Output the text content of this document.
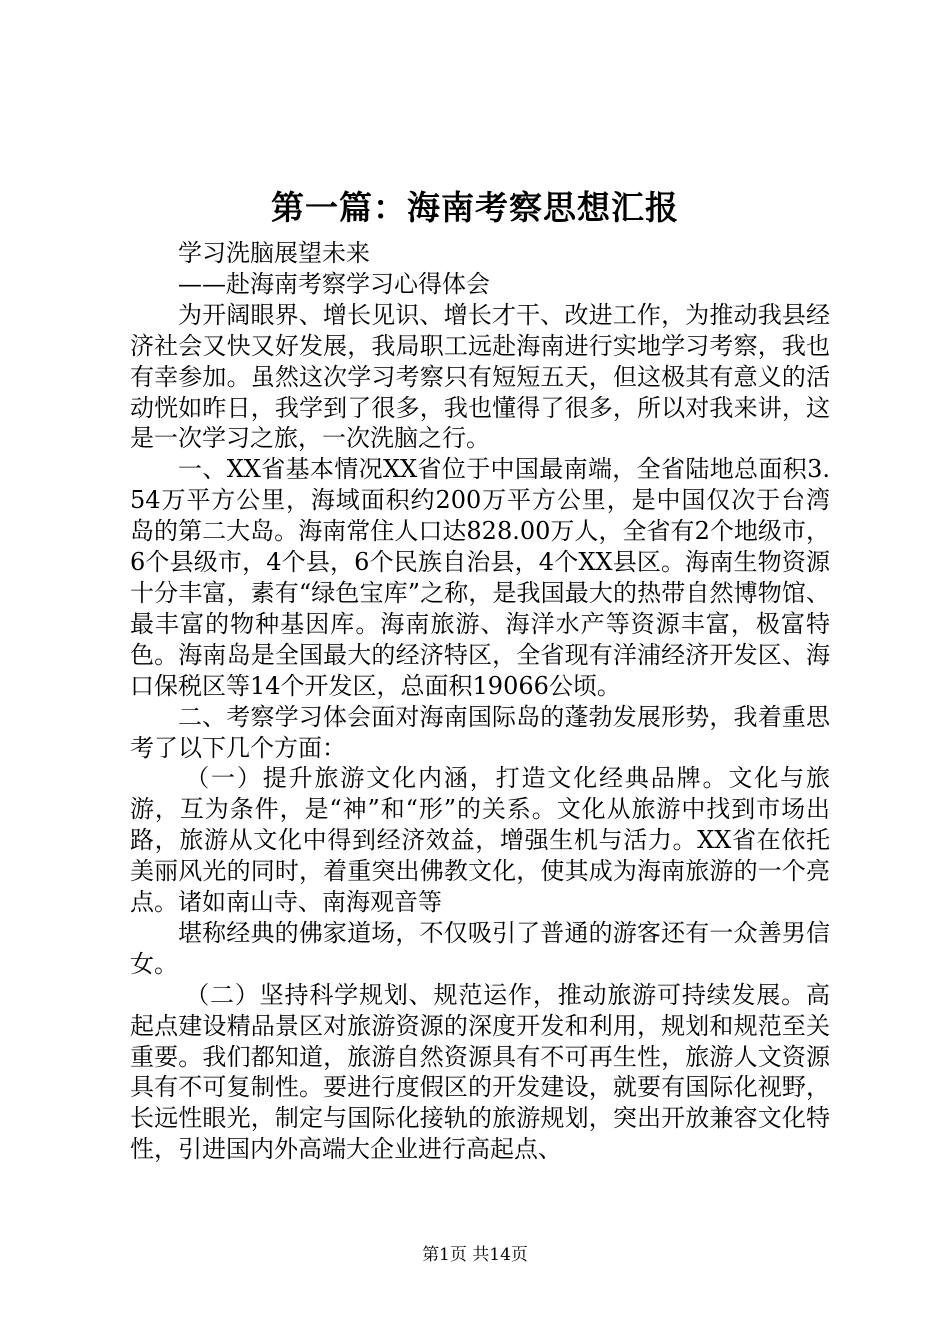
第一篇：海南考察思想汇报

学习洗脑展望未来

——赴海南考察学习心得体会

为开阔眼界、增长见识、增长才干、改进工作，为推动我县经济社会又快又好发展，我局职工远赴海南进行实地学习考察，我也有幸参加。虽然这次学习考察只有短短五天，但这极其有意义的活动恍如昨日，我学到了很多，我也懂得了很多，所以对我来讲，这是一次学习之旅，一次洗脑之行。

一、XX省基本情况XX省位于中国最南端，全省陆地总面积3.54万平方公里，海域面积约200万平方公里，是中国仅次于台湾岛的第二大岛。海南常住人口达828.00万人，全省有2个地级市，6个县级市，4个县，6个民族自治县，4个XX县区。海南生物资源十分丰富，素有“绿色宝库”之称，是我国最大的热带自然博物馆、最丰富的物种基因库。海南旅游、海洋水产等资源丰富，极富特色。海南岛是全国最大的经济特区，全省现有洋浦经济开发区、海口保税区等14个开发区，总面积19066公顷。

二、考察学习体会面对海南国际岛的蓬勃发展形势，我着重思考了以下几个方面：

（一）提升旅游文化内涵，打造文化经典品牌。文化与旅游，互为条件，是“神”和“形”的关系。文化从旅游中找到市场出路，旅游从文化中得到经济效益，增强生机与活力。XX省在依托美丽风光的同时，着重突出佛教文化，使其成为海南旅游的一个亮点。诸如南山寺、南海观音等

堪称经典的佛家道场，不仅吸引了普通的游客还有一众善男信女。

（二）坚持科学规划、规范运作，推动旅游可持续发展。高起点建设精品景区对旅游资源的深度开发和利用，规划和规范至关重要。我们都知道，旅游自然资源具有不可再生性，旅游人文资源具有不可复制性。要进行度假区的开发建设，就要有国际化视野，长远性眼光，制定与国际化接轨的旅游规划，突出开放兼容文化特性，引进国内外高端大企业进行高起点、

第1页 共14页
